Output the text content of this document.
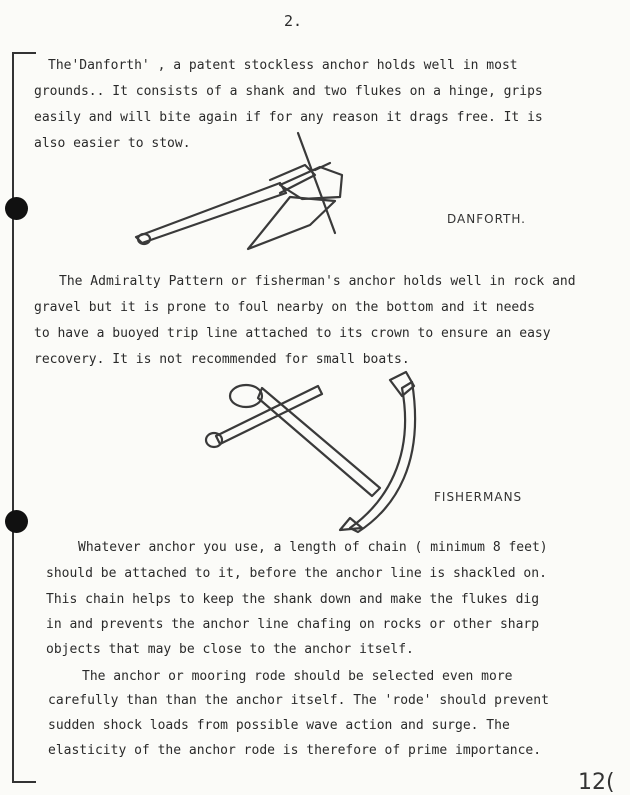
2.

The'Danforth' , a patent stockless anchor holds well in most

grounds.. It consists of a shank and two flukes on a hinge, grips

easily and will bite again if for any reason it drags free. It is

also easier to stow.

DANFORTH.

The Admiralty Pattern or fisherman's anchor holds well in rock and

gravel but it is prone to foul nearby on the bottom and it needs

to have a buoyed trip line attached to its crown to ensure an easy

recovery. It is not recommended for small boats.

FISHERMANS

Whatever anchor you use, a length of chain ( minimum 8 feet)

should be attached to it, before the anchor line is shackled on.

This chain helps to keep the shank down and make the flukes dig

in and prevents the anchor line chafing on rocks or other sharp

objects that may be close to the anchor itself.

The anchor or mooring rode should be selected even more

carefully than than the anchor itself. The 'rode' should prevent

sudden shock loads from possible wave action and surge. The

elasticity of the anchor rode is therefore of prime importance.

12(
